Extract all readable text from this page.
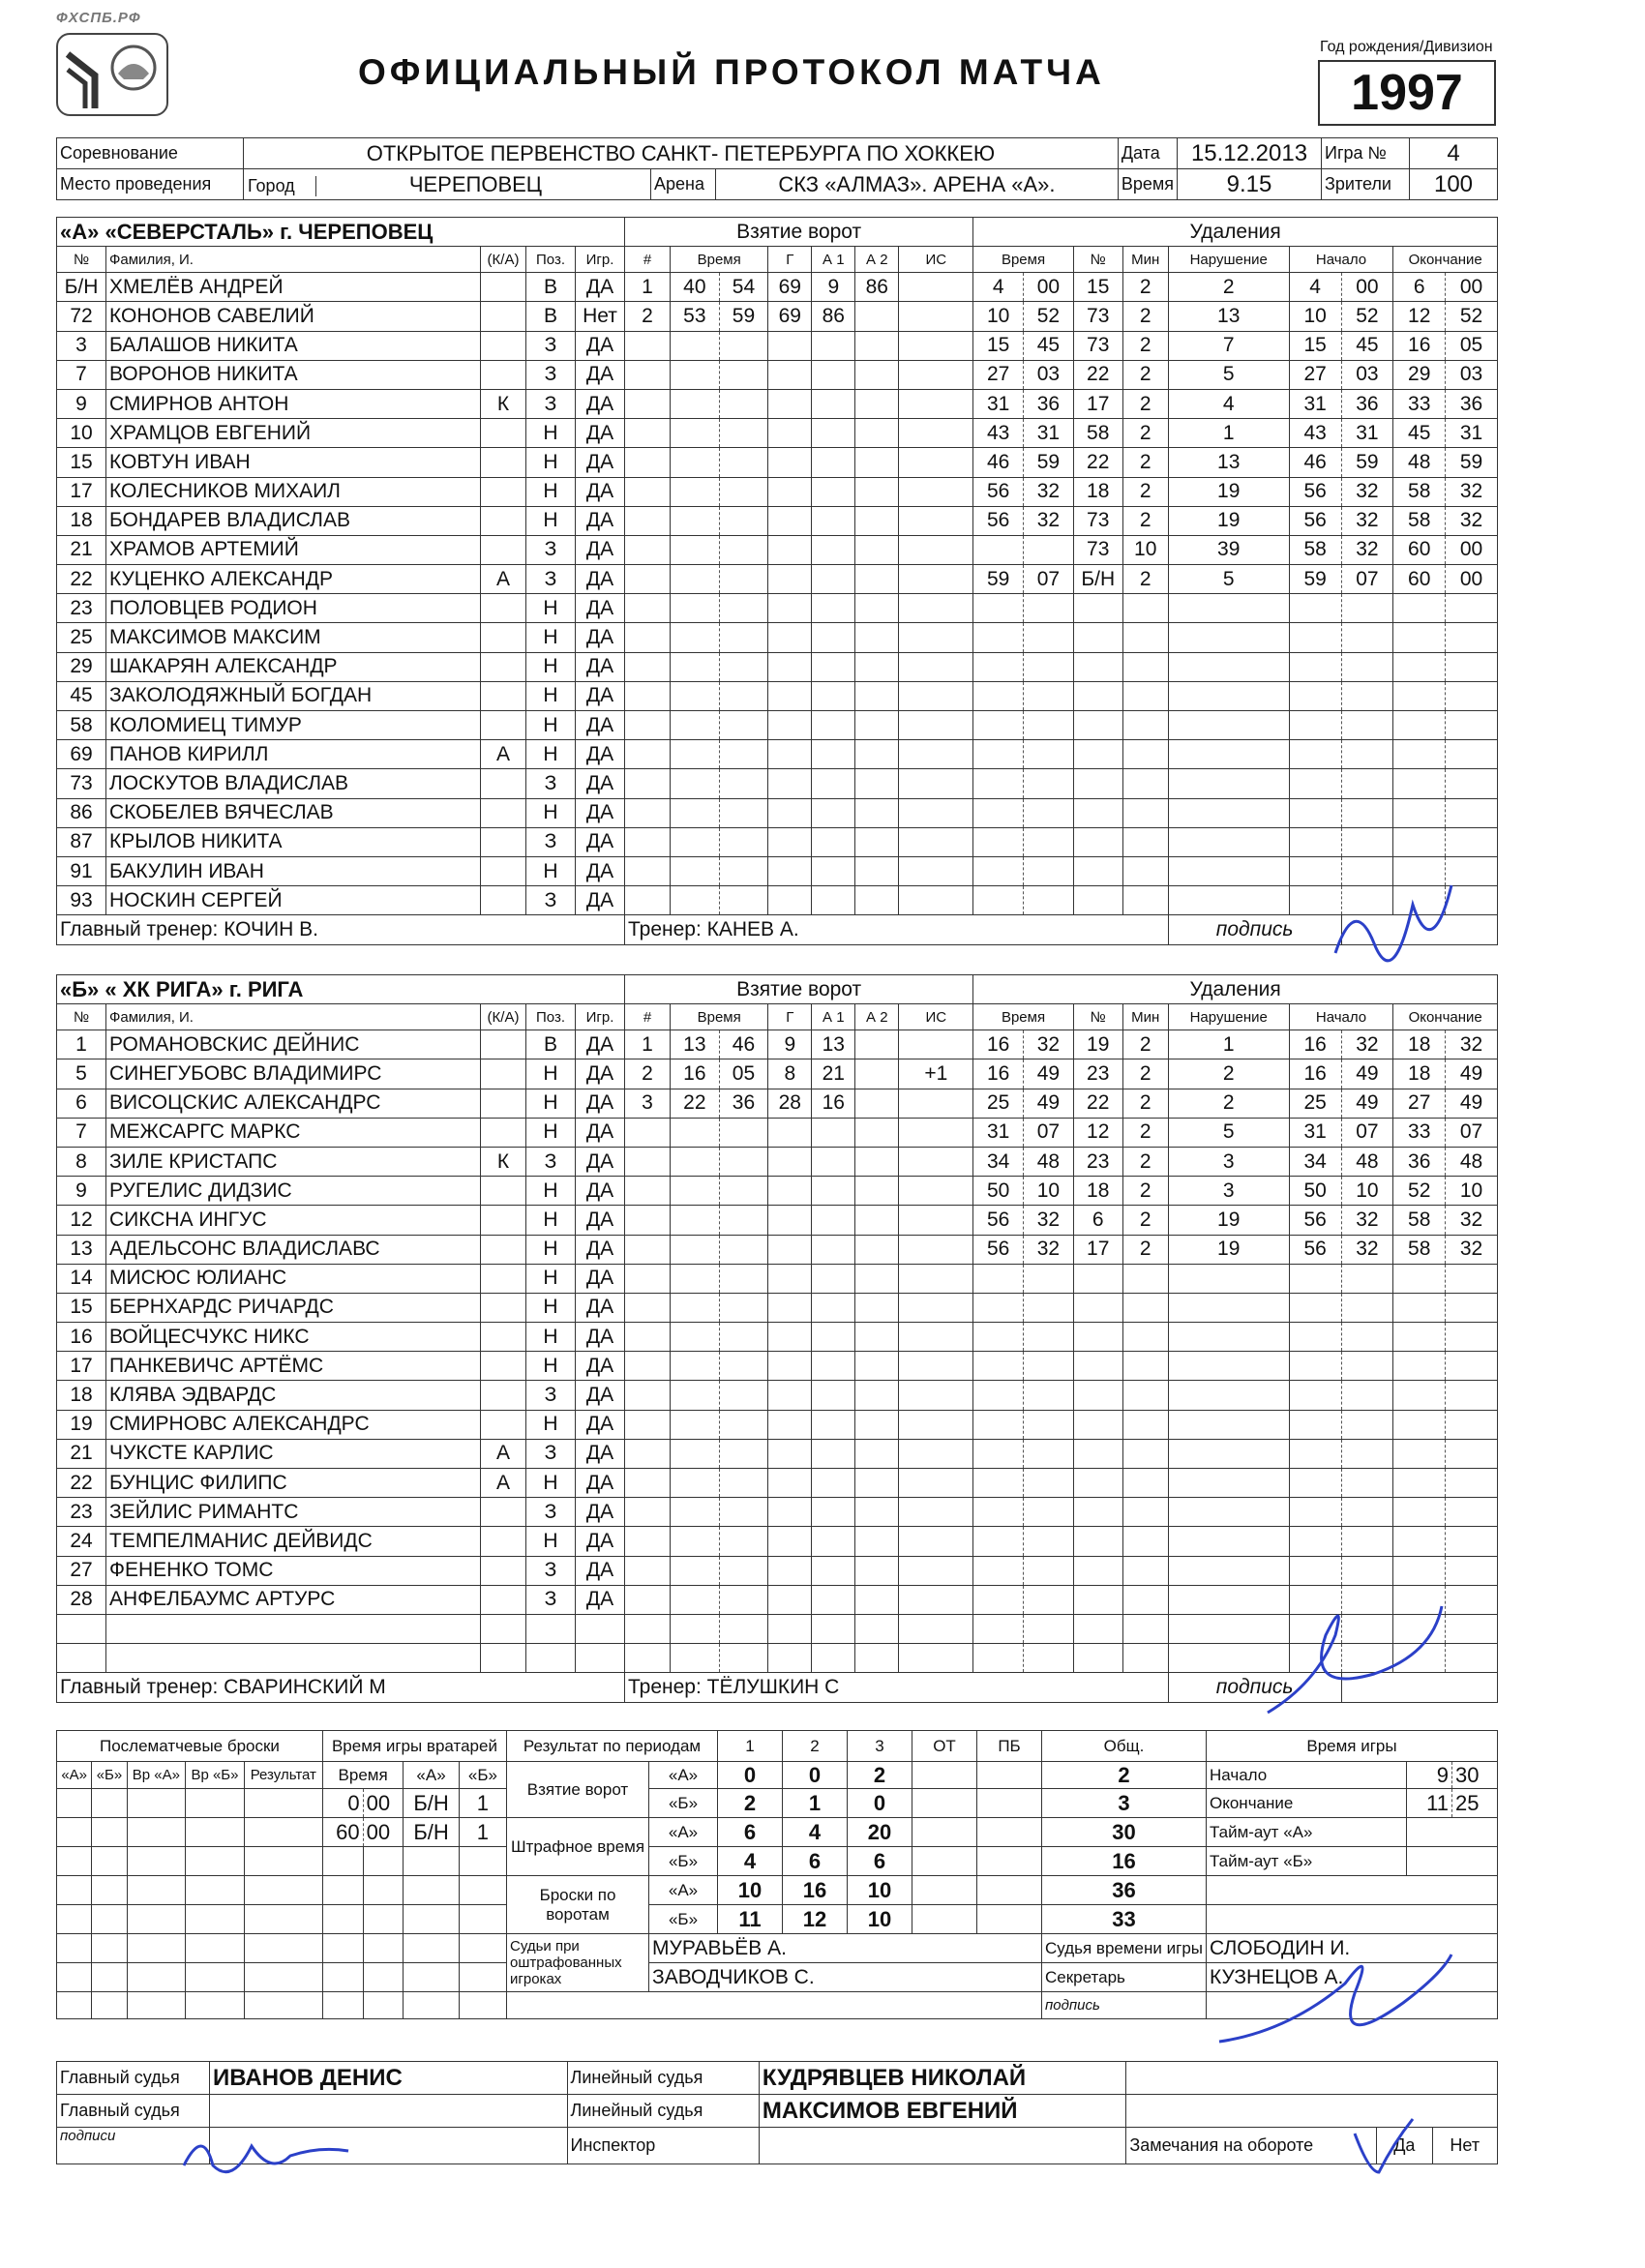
ФХСПБ.РФ
ОФИЦИАЛЬНЫЙ ПРОТОКОЛ МАТЧА
Год рождения/Дивизион
1997
Соревнование	ОТКРЫТОЕ ПЕРВЕНСТВО САНКТ- ПЕТЕРБУРГА ПО ХОККЕЮ			Дата	15.12.2013	Игра №	4
Место проведения	Город ЧЕРЕПОВЕЦ	Арена	СКЗ «АЛМАЗ». АРЕНА «А».	Время	9.15	Зрители	100
«А» «СЕВЕРСТАЛЬ» г. ЧЕРЕПОВЕЦ					Взятие ворот							Удаления								
№	Фамилия, И.	(К/А)	Поз.	Игр.	#	Время		Г	А 1	А 2	ИС	Время		№	Мин	Нарушение	Начало		Окончание	
Б/Н	ХМЕЛЁВ АНДРЕЙ		В	ДА	1	40	54	69	9	86		4	00	15	2	2	4	00	6	00
72	КОНОНОВ САВЕЛИЙ		В	Нет	2	53	59	69	86			10	52	73	2	13	10	52	12	52
3	БАЛАШОВ НИКИТА		З	ДА								15	45	73	2	7	15	45	16	05
7	ВОРОНОВ НИКИТА		З	ДА								27	03	22	2	5	27	03	29	03
9	СМИРНОВ АНТОН	К	З	ДА								31	36	17	2	4	31	36	33	36
10	ХРАМЦОВ ЕВГЕНИЙ		Н	ДА								43	31	58	2	1	43	31	45	31
15	КОВТУН ИВАН		Н	ДА								46	59	22	2	13	46	59	48	59
17	КОЛЕСНИКОВ МИХАИЛ		Н	ДА								56	32	18	2	19	56	32	58	32
18	БОНДАРЕВ ВЛАДИСЛАВ		Н	ДА								56	32	73	2	19	56	32	58	32
21	ХРАМОВ АРТЕМИЙ		З	ДА										73	10	39	58	32	60	00
22	КУЦЕНКО АЛЕКСАНДР	А	З	ДА								59	07	Б/Н	2	5	59	07	60	00
23	ПОЛОВЦЕВ РОДИОН		Н	ДА																
25	МАКСИМОВ МАКСИМ		Н	ДА																
29	ШАКАРЯН АЛЕКСАНДР		Н	ДА																
45	ЗАКОЛОДЯЖНЫЙ БОГДАН		Н	ДА																
58	КОЛОМИЕЦ ТИМУР		Н	ДА																
69	ПАНОВ КИРИЛЛ	А	Н	ДА																
73	ЛОСКУТОВ ВЛАДИСЛАВ		З	ДА																
86	СКОБЕЛЕВ ВЯЧЕСЛАВ		Н	ДА																
87	КРЫЛОВ НИКИТА		З	ДА																
91	БАКУЛИН ИВАН		Н	ДА																
93	НОСКИН СЕРГЕЙ		З	ДА																
Главный тренер: КОЧИН В.					Тренер: КАНЕВ А.											подпись				
«Б» « ХК РИГА» г. РИГА					Взятие ворот							Удаления								
№	Фамилия, И.	(К/А)	Поз.	Игр.	#	Время		Г	А 1	А 2	ИС	Время		№	Мин	Нарушение	Начало		Окончание	
1	РОМАНОВСКИС ДЕЙНИС		В	ДА	1	13	46	9	13			16	32	19	2	1	16	32	18	32
5	СИНЕГУБОВС ВЛАДИМИРС		Н	ДА	2	16	05	8	21		+1	16	49	23	2	2	16	49	18	49
6	ВИСОЦСКИС АЛЕКСАНДРС		Н	ДА	3	22	36	28	16			25	49	22	2	2	25	49	27	49
7	МЕЖСАРГС МАРКС		Н	ДА								31	07	12	2	5	31	07	33	07
8	ЗИЛЕ КРИСТАПС	К	З	ДА								34	48	23	2	3	34	48	36	48
9	РУГЕЛИС ДИДЗИС		Н	ДА								50	10	18	2	3	50	10	52	10
12	СИКСНА ИНГУС		Н	ДА								56	32	6	2	19	56	32	58	32
13	АДЕЛЬСОНС ВЛАДИСЛАВС		Н	ДА								56	32	17	2	19	56	32	58	32
14	МИСЮС ЮЛИАНС		Н	ДА																
15	БЕРНХАРДС РИЧАРДС		Н	ДА																
16	ВОЙЦЕСЧУКС НИКС		Н	ДА																
17	ПАНКЕВИЧС АРТЁМС		Н	ДА																
18	КЛЯВА ЭДВАРДС		З	ДА																
19	СМИРНОВС АЛЕКСАНДРС		Н	ДА																
21	ЧУКСТЕ КАРЛИС	А	З	ДА																
22	БУНЦИС ФИЛИПС	А	Н	ДА																
23	ЗЕЙЛИС РИМАНТС		З	ДА																
24	ТЕМПЕЛМАНИС ДЕЙВИДС		Н	ДА																
27	ФЕНЕНКО ТОМС		З	ДА																
28	АНФЕЛБАУМС АРТУРС		З	ДА																

Главный тренер: СВАРИНСКИЙ М					Тренер: ТЁЛУШКИН С											подпись				
Послематчевые броски					Время игры вратарей				Результат по периодам		1	2	3	ОТ	ПБ	Общ.	Время игры		
«А»	«Б»	Вр «А»	Вр «Б»	Результат	Время		«А»	«Б»	Взятие ворот	«А»	0	0	2			2	Начало	9	30
					0	00	Б/Н	1		«Б»	2	1	0			3	Окончание	11	25
					60	00	Б/Н	1	Штрафное время	«А»	6	4	20			30	Тайм-аут «А»		
										«Б»	4	6	6			16	Тайм-аут «Б»		
									Броски по воротам	«А»	10	16	10			36			
										«Б»	11	12	10			33			
									Судьи при оштрафованных игроках	МУРАВЬЁВ А.						Судья времени игры	СЛОБОДИН И.		
										ЗАВОДЧИКОВ С.						Секретарь	КУЗНЕЦОВ А.		
																подпись			
Главный судья	ИВАНОВ ДЕНИС	Линейный судья	КУДРЯВЦЕВ НИКОЛАЙ			
Главный судья		Линейный судья	МАКСИМОВ ЕВГЕНИЙ			
подписи		Инспектор		Замечания на обороте	Да	Нет
